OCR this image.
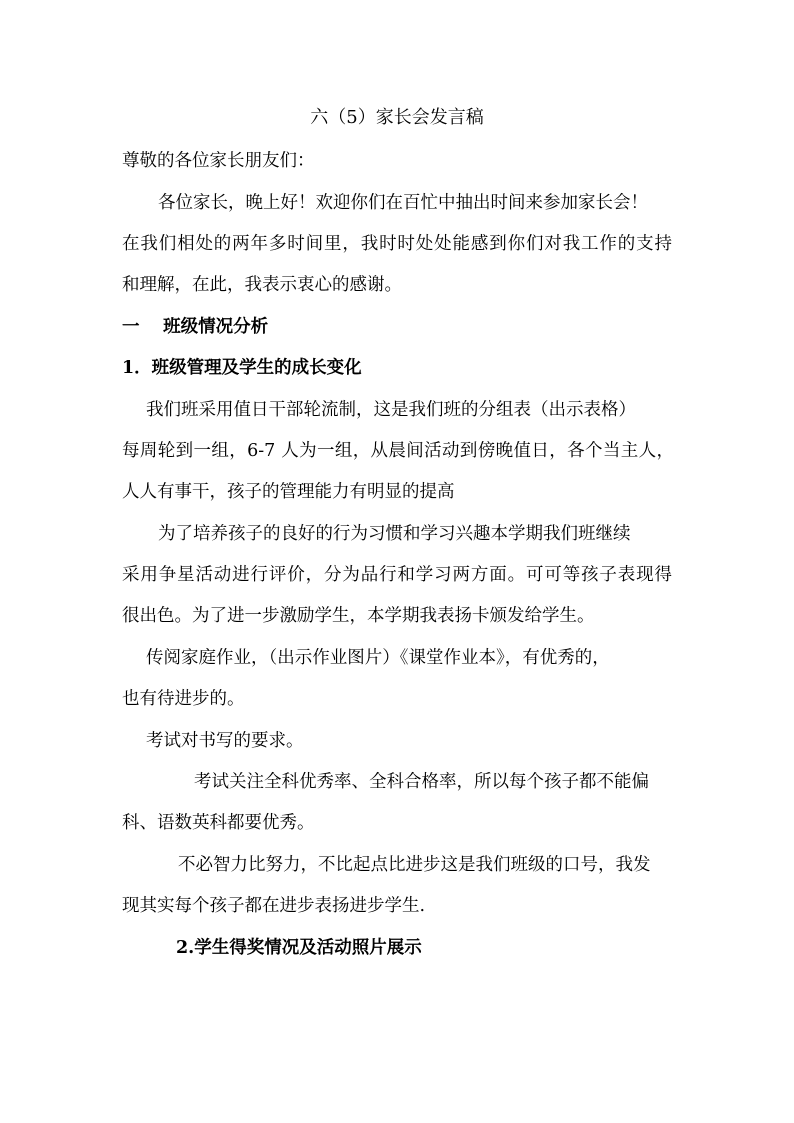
六（5）家长会发言稿
尊敬的各位家长朋友们：
各位家长，晚上好！欢迎你们在百忙中抽出时间来参加家长会！
在我们相处的两年多时间里，我时时处处能感到你们对我工作的支持
和理解，在此，我表示衷心的感谢。
一　 班级情况分析
1．班级管理及学生的成长变化
我们班采用值日干部轮流制，这是我们班的分组表（出示表格）
每周轮到一组，6-7 人为一组，从晨间活动到傍晚值日，各个当主人，
人人有事干，孩子的管理能力有明显的提高
为了培养孩子的良好的行为习惯和学习兴趣本学期我们班继续
采用争星活动进行评价，分为品行和学习两方面。可可等孩子表现得
很出色。为了进一步激励学生，本学期我表扬卡颁发给学生。
传阅家庭作业，（出示作业图片）《课堂作业本》，有优秀的，
也有待进步的。
考试对书写的要求。
考试关注全科优秀率、全科合格率，所以每个孩子都不能偏
科、语数英科都要优秀。
不必智力比努力，不比起点比进步这是我们班级的口号，我发
现其实每个孩子都在进步表扬进步学生.
2.学生得奖情况及活动照片展示
